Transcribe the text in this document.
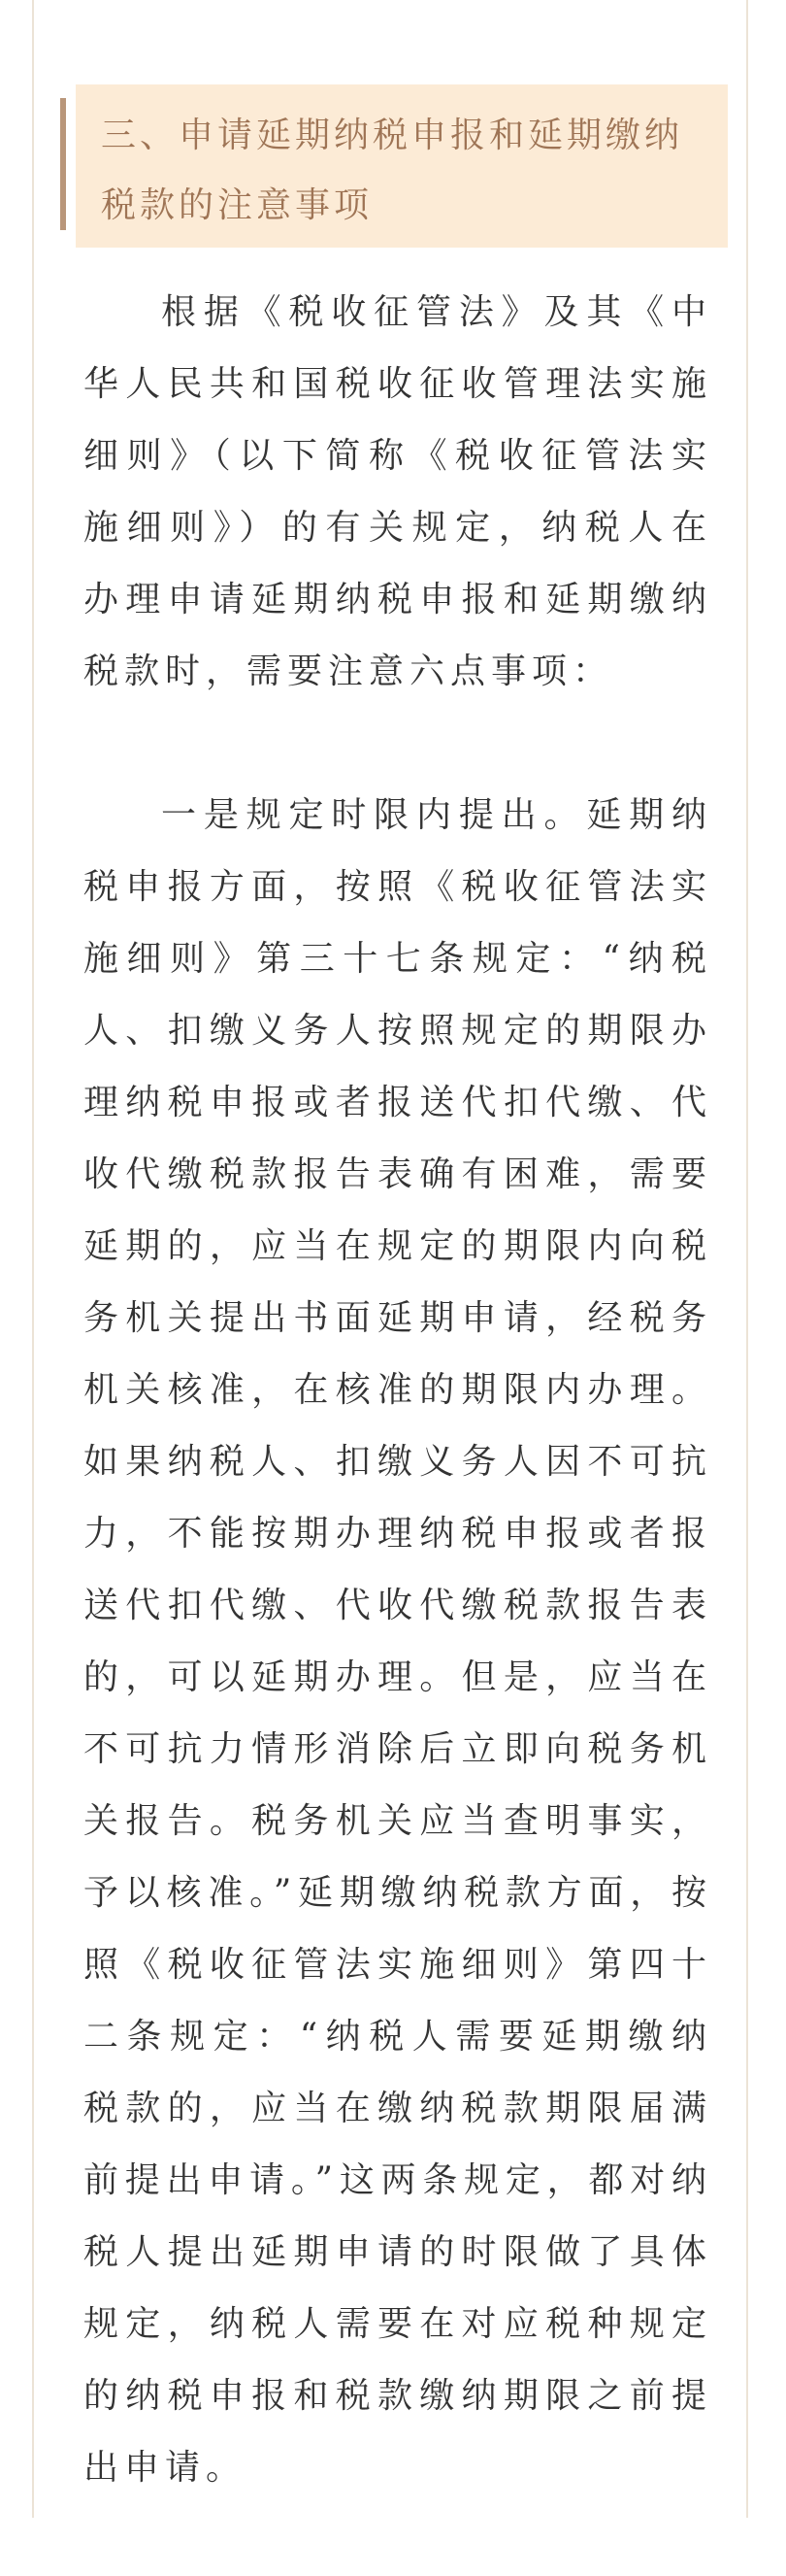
三、申请延期纳税申报和延期缴纳税款的注意事项

根据《税收征管法》及其《中华人民共和国税收征收管理法实施细则》（以下简称《税收征管法实施细则》）的有关规定，纳税人在办理申请延期纳税申报和延期缴纳税款时，需要注意六点事项：

一是规定时限内提出。延期纳税申报方面，按照《税收征管法实施细则》第三十七条规定：“纳税人、扣缴义务人按照规定的期限办理纳税申报或者报送代扣代缴、代收代缴税款报告表确有困难，需要延期的，应当在规定的期限内向税务机关提出书面延期申请，经税务机关核准，在核准的期限内办理。如果纳税人、扣缴义务人因不可抗力，不能按期办理纳税申报或者报送代扣代缴、代收代缴税款报告表的，可以延期办理。但是，应当在不可抗力情形消除后立即向税务机关报告。税务机关应当查明事实，予以核准。”延期缴纳税款方面，按照《税收征管法实施细则》第四十二条规定：“纳税人需要延期缴纳税款的，应当在缴纳税款期限届满前提出申请。”这两条规定，都对纳税人提出延期申请的时限做了具体规定，纳税人需要在对应税种规定的纳税申报和税款缴纳期限之前提出申请。
